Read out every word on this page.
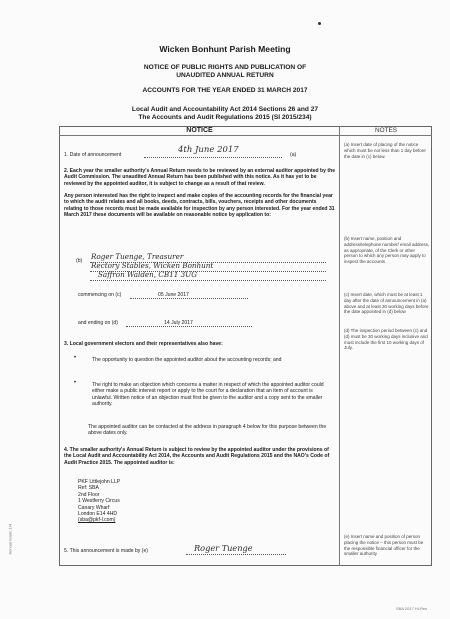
Wicken Bonhunt Parish Meeting
NOTICE OF PUBLIC RIGHTS AND PUBLICATION OF
UNAUDITED ANNUAL RETURN
ACCOUNTS FOR THE YEAR ENDED 31 MARCH 2017
Local Audit and Accountability Act 2014 Sections 26 and 27
The Accounts and Audit Regulations 2015 (SI 2015/234)
NOTICE	NOTES
1. Date of announcement	4th June 2017	(a)
2. Each year the smaller authority's Annual Return needs to be reviewed by an external auditor appointed by the Audit Commission. The unaudited Annual Return has been published with this notice. As it has yet to be reviewed by the appointed auditor, it is subject to change as a result of that review.
Any person interested has the right to inspect and make copies of the accounting records for the financial year to which the audit relates and all books, deeds, contracts, bills, vouchers, receipts and other documents relating to those records must be made available for inspection by any person interested. For the year ended 31 March 2017 these documents will be available on reasonable notice by application to:
(b)	Roger Tuenge, Treasurer
Rectory Stables, Wicken Bonhunt
Saffron Walden, CB11 3UG
commencing on (c)	05 June 2017
and ending on (d)	14 July 2017
3. Local government electors and their representatives also have:
•	The opportunity to question the appointed auditor about the accounting records; and
•	The right to make an objection which concerns a matter in respect of which the appointed auditor could either make a public interest report or apply to the court for a declaration that an item of account is unlawful. Written notice of an objection must first be given to the auditor and a copy sent to the smaller authority.
The appointed auditor can be contacted at the address in paragraph 4 below for this purpose between the above dates only.
4. The smaller authority's Annual Return is subject to review by the appointed auditor under the provisions of the Local Audit and Accountability Act 2014, the Accounts and Audit Regulations 2015 and the NAO's Code of Audit Practice 2015. The appointed auditor is:
PKF Littlejohn LLP
Ref: SBA
2nd Floor
1 Westferry Circus
Canary Wharf
London E14 4HD
(sba@pkf-l.com)
5. This announcement is made by (e)	Roger Tuenge
(a) Insert date of placing of the notice which must be not less than 1 day before the date in (c) below.
(b) Insert name, position and address/telephone number/ email address, as appropriate, of the Clerk or other person to which any person may apply to inspect the accounts
(c) Insert date, which must be at least 1 day after the date of announcement in (a) above and at least 30 working days before the date appointed in (d) below
(d) The inspection period between (c) and (d) must be 30 working days inclusive and must include the first 10 working days of July.
(e) Insert name and position of person placing the notice – this person must be the responsible financial officer for the smaller authority
Annual return 1/4
SBA 2017 Hi-Res
